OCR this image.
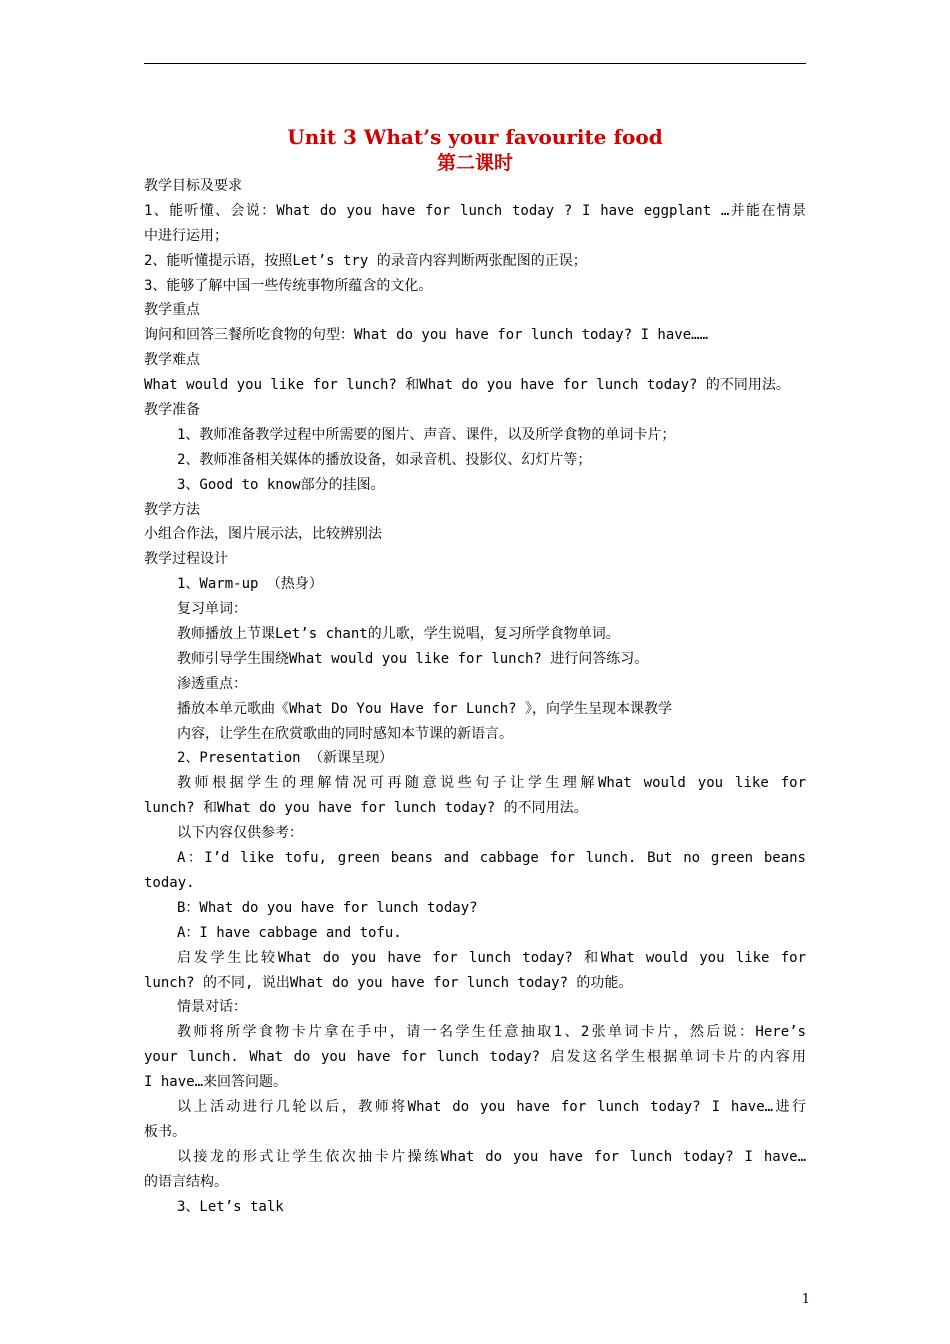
Unit 3 What’s your favourite food
第二课时
教学目标及要求
1、能听懂、会说：What do you have for lunch today ? I have eggplant …并能在情景
中进行运用；
2、能听懂提示语，按照Let’s try 的录音内容判断两张配图的正误；
3、能够了解中国一些传统事物所蕴含的文化。
教学重点
询问和回答三餐所吃食物的句型：What do you have for lunch today? I have……
教学难点
What would you like for lunch? 和What do you have for lunch today? 的不同用法。
教学准备
1、教师准备教学过程中所需要的图片、声音、课件，以及所学食物的单词卡片；
2、教师准备相关媒体的播放设备，如录音机、投影仪、幻灯片等；
3、Good to know部分的挂图。
教学方法
小组合作法，图片展示法，比较辨别法
教学过程设计
1、Warm-up （热身）
复习单词：
教师播放上节课Let’s chant的儿歌，学生说唱，复习所学食物单词。
教师引导学生围绕What would you like for lunch? 进行问答练习。
渗透重点：
播放本单元歌曲《What Do You Have for Lunch? 》，向学生呈现本课教学
内容，让学生在欣赏歌曲的同时感知本节课的新语言。
2、Presentation （新课呈现）
教师根据学生的理解情况可再随意说些句子让学生理解What would you like for
lunch? 和What do you have for lunch today? 的不同用法。
以下内容仅供参考：
A：I’d like tofu, green beans and cabbage for lunch. But no green beans
today.
B：What do you have for lunch today?
A：I have cabbage and tofu.
启发学生比较What do you have for lunch today? 和What would you like for
lunch? 的不同, 说出What do you have for lunch today? 的功能。
情景对话：
教师将所学食物卡片拿在手中，请一名学生任意抽取1、2张单词卡片，然后说：Here’s
your lunch. What do you have for lunch today? 启发这名学生根据单词卡片的内容用
I have…来回答问题。
以上活动进行几轮以后，教师将What do you have for lunch today? I have…进行
板书。
以接龙的形式让学生依次抽卡片操练What do you have for lunch today? I have…
的语言结构。
3、Let’s talk
1
